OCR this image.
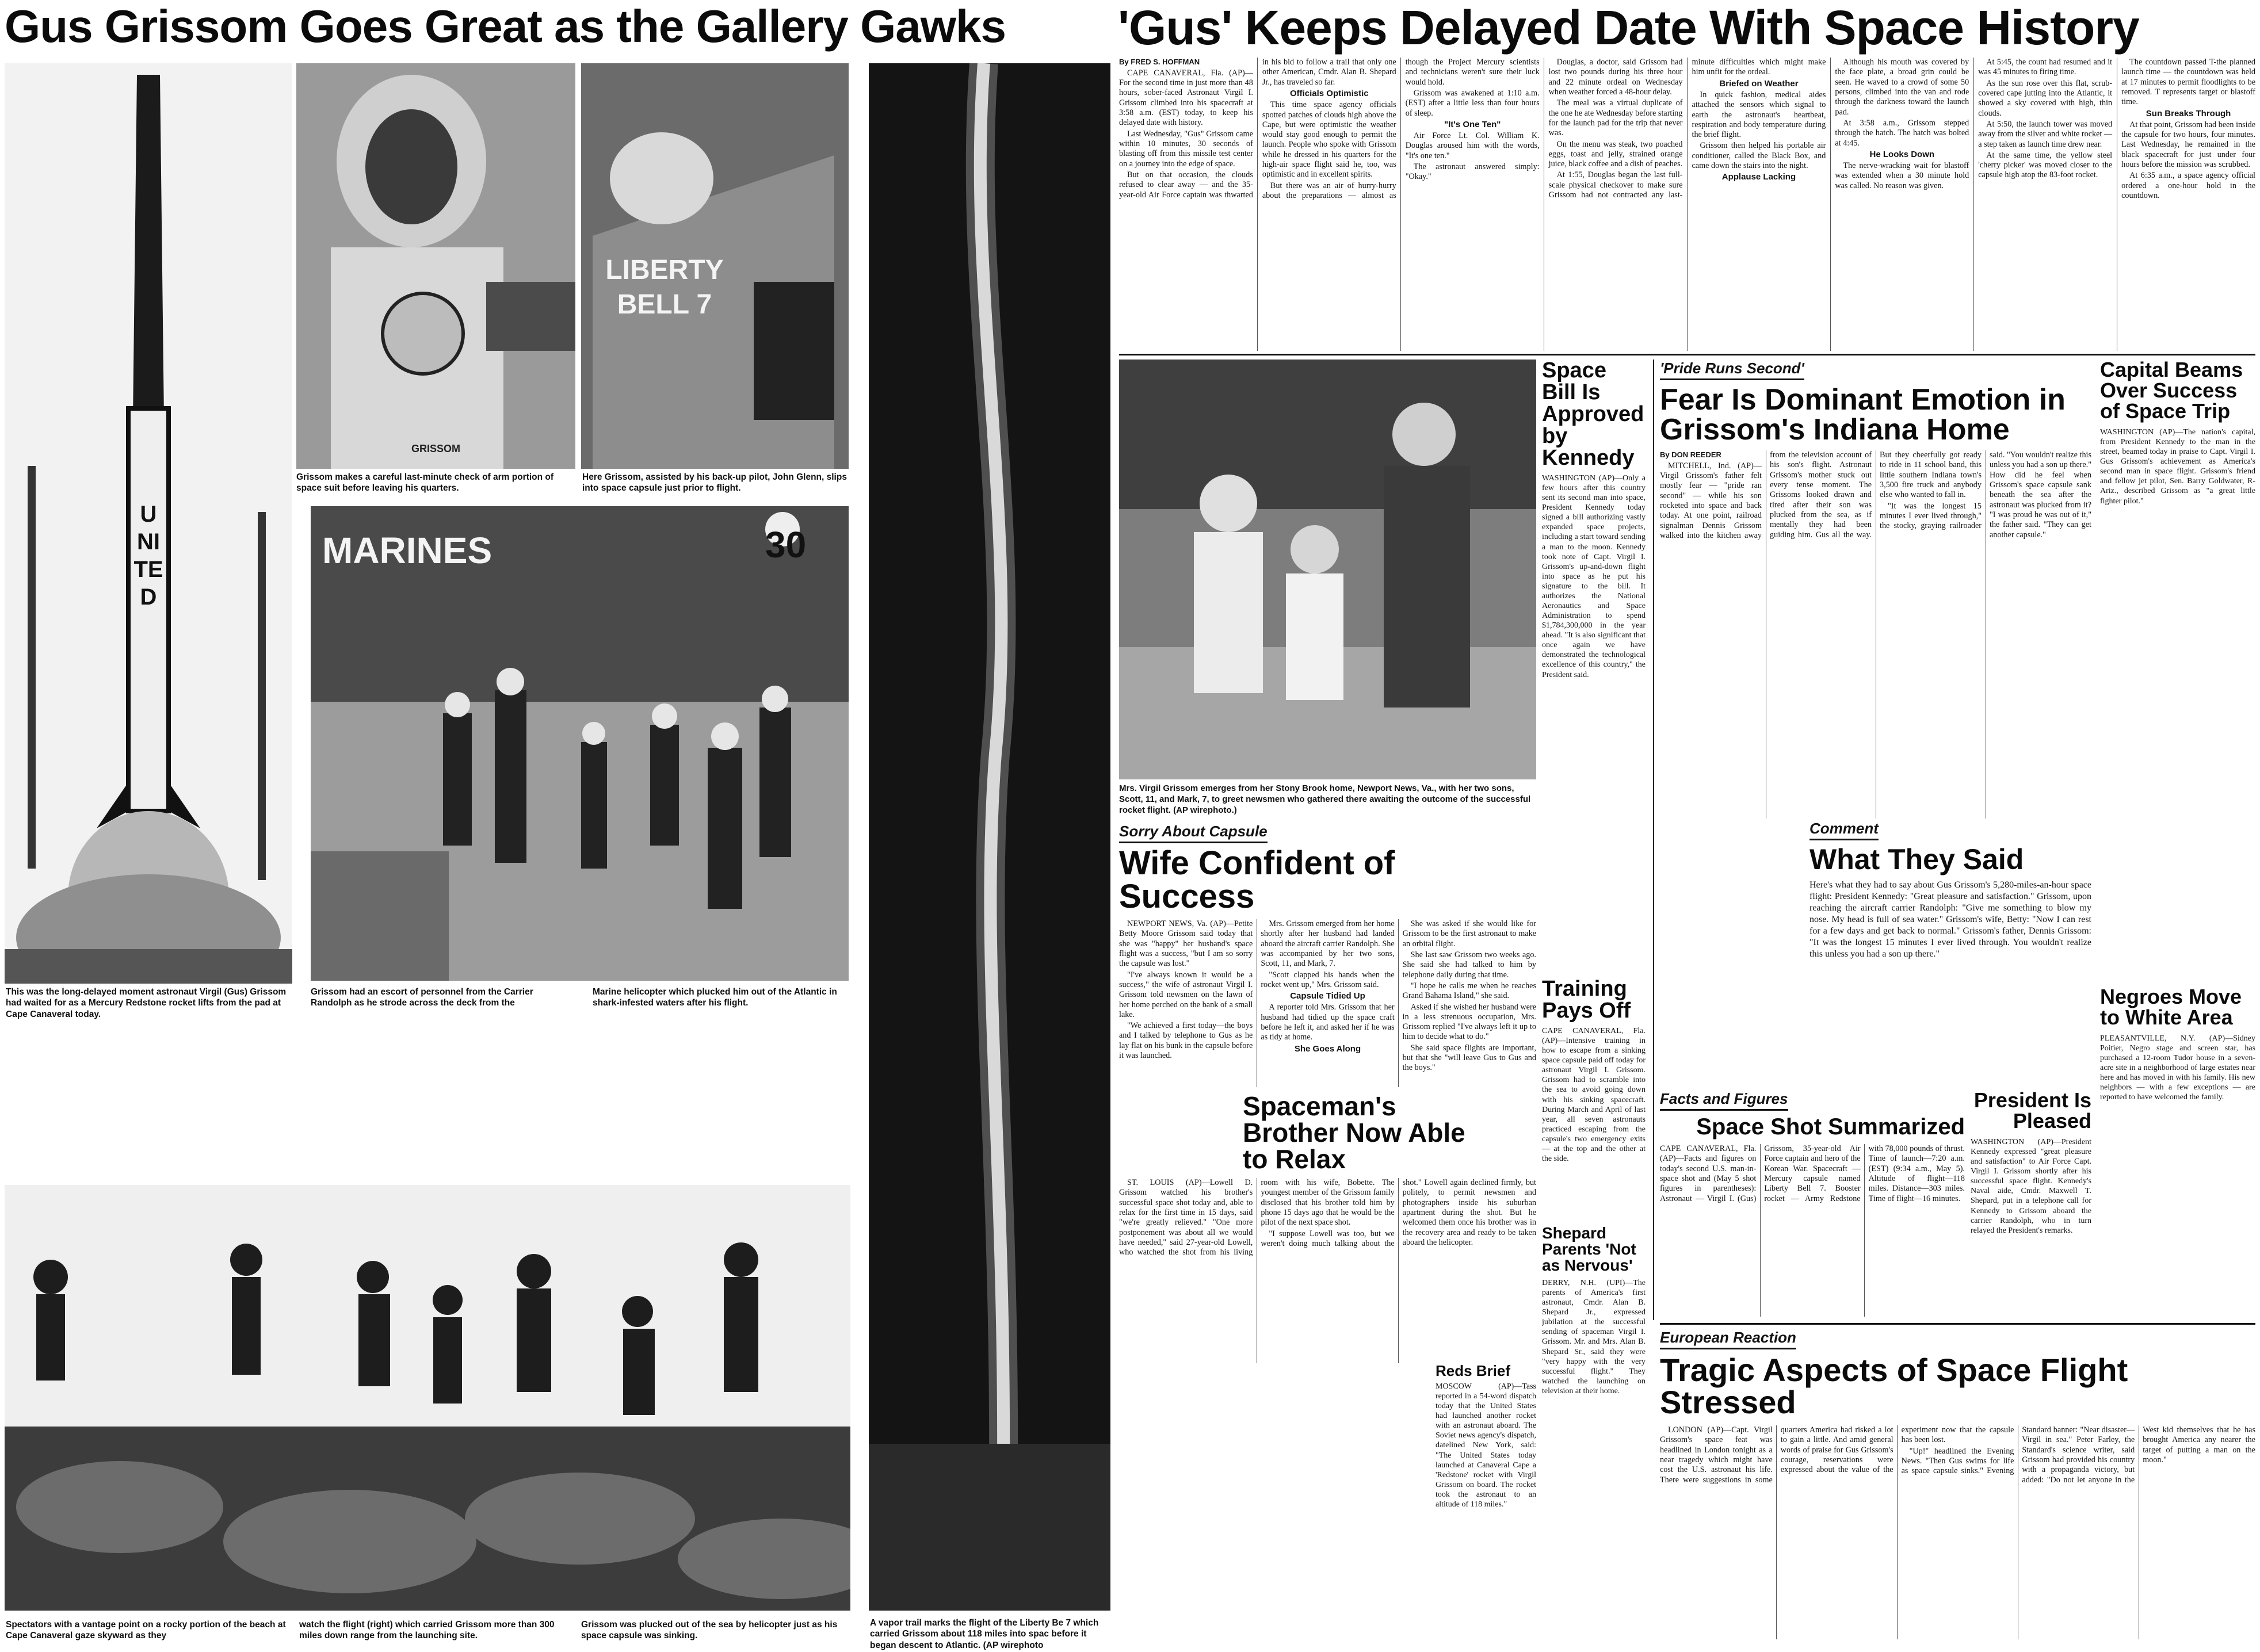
Gus Grissom Goes Great as the Gallery Gawks
UNITED
This was the long-delayed moment astronaut Virgil (Gus) Grissom had waited for as a Mercury Redstone rocket lifts from the pad at Cape Canaveral today.
GRISSOM
Grissom makes a careful last-minute check of arm portion of space suit before leaving his quarters.
LIBERTY BELL 7
Here Grissom, assisted by his back-up pilot, John Glenn, slips into space capsule just prior to flight.
MARINES	30
Grissom had an escort of personnel from the Carrier Randolph as he strode across the deck from the
Marine helicopter which plucked him out of the Atlantic in shark-infested waters after his flight.
Spectators with a vantage point on a rocky portion of the beach at Cape Canaveral gaze skyward as they
watch the flight (right) which carried Grissom more than 300 miles down range from the launching site.
Grissom was plucked out of the sea by helicopter just as his space capsule was sinking.
A vapor trail marks the flight of the Liberty Be 7 which carried Grissom about 118 miles into spac before it began descent to Atlantic. (AP wirephoto
'Gus' Keeps Delayed Date With Space History
By FRED S. HOFFMAN

CAPE CANAVERAL, Fla. (AP)—For the second time in just more than 48 hours, sober-faced Astronaut Virgil I. Grissom climbed into his spacecraft at 3:58 a.m. (EST) today, to keep his delayed date with history.

Last Wednesday, "Gus" Grissom came within 10 minutes, 30 seconds of blasting off from this missile test center on a journey into the edge of space.

But on that occasion, the clouds refused to clear away — and the 35-year-old Air Force captain was thwarted in his bid to follow a trail that only one other American, Cmdr. Alan B. Shepard Jr., has traveled so far.

Officials Optimistic

This time space agency officials spotted patches of clouds high above the Cape, but were optimistic the weather would stay good enough to permit the launch. People who spoke with Grissom while he dressed in his quarters for the high-air space flight said he, too, was optimistic and in excellent spirits.

But there was an air of hurry-hurry about the preparations — almost as though the Project Mercury scientists and technicians weren't sure their luck would hold.

Grissom was awakened at 1:10 a.m. (EST) after a little less than four hours of sleep.

"It's One Ten"

Air Force Lt. Col. William K. Douglas aroused him with the words, "It's one ten."

The astronaut answered simply: "Okay."

Douglas, a doctor, said Grissom had lost two pounds during his three hour and 22 minute ordeal on Wednesday when weather forced a 48-hour delay.

The meal was a virtual duplicate of the one he ate Wednesday before starting for the launch pad for the trip that never was.

On the menu was steak, two poached eggs, toast and jelly, strained orange juice, black coffee and a dish of peaches.

At 1:55, Douglas began the last full-scale physical checkover to make sure Grissom had not contracted any last-minute difficulties which might make him unfit for the ordeal.

Briefed on Weather

In quick fashion, medical aides attached the sensors which signal to earth the astronaut's heartbeat, respiration and body temperature during the brief flight.

Grissom then helped his portable air conditioner, called the Black Box, and came down the stairs into the night.

Applause Lacking

Although his mouth was covered by the face plate, a broad grin could be seen. He waved to a crowd of some 50 persons, climbed into the van and rode through the darkness toward the launch pad.

At 3:58 a.m., Grissom stepped through the hatch. The hatch was bolted at 4:45.

He Looks Down

The nerve-wracking wait for blastoff was extended when a 30 minute hold was called. No reason was given.

At 5:45, the count had resumed and it was 45 minutes to firing time.

As the sun rose over this flat, scrub-covered cape jutting into the Atlantic, it showed a sky covered with high, thin clouds.

At 5:50, the launch tower was moved away from the silver and white rocket — a step taken as launch time drew near.

At the same time, the yellow steel 'cherry picker' was moved closer to the capsule high atop the 83-foot rocket.

The countdown passed T-the planned launch time — the countdown was held at 17 minutes to permit floodlights to be removed. T represents target or blastoff time.

Sun Breaks Through

At that point, Grissom had been inside the capsule for two hours, four minutes. Last Wednesday, he remained in the black spacecraft for just under four hours before the mission was scrubbed.

At 6:35 a.m., a space agency official ordered a one-hour hold in the countdown.

Mrs. Virgil Grissom emerges from her Stony Brook home, Newport News, Va., with her two sons, Scott, 11, and Mark, 7, to greet newsmen who gathered there awaiting the outcome of the successful rocket flight. (AP wirephoto.)
Space Bill Is Approved by Kennedy
WASHINGTON (AP)—Only a few hours after this country sent its second man into space, President Kennedy today signed a bill authorizing vastly expanded space projects, including a start toward sending a man to the moon. Kennedy took note of Capt. Virgil I. Grissom's up-and-down flight into space as he put his signature to the bill. It authorizes the National Aeronautics and Space Administration to spend $1,784,300,000 in the year ahead. "It is also significant that once again we have demonstrated the technological excellence of this country," the President said.
Training Pays Off
CAPE CANAVERAL, Fla. (AP)—Intensive training in how to escape from a sinking space capsule paid off today for astronaut Virgil I. Grissom. Grissom had to scramble into the sea to avoid going down with his sinking spacecraft. During March and April of last year, all seven astronauts practiced escaping from the capsule's two emergency exits — at the top and the other at the side.
Sorry About Capsule
Wife Confident of Success

NEWPORT NEWS, Va. (AP)—Petite Betty Moore Grissom said today that she was "happy" her husband's space flight was a success, "but I am so sorry the capsule was lost."

"I've always known it would be a success," the wife of astronaut Virgil I. Grissom told newsmen on the lawn of her home perched on the bank of a small lake.

"We achieved a first today—the boys and I talked by telephone to Gus as he lay flat on his bunk in the capsule before it was launched.

Mrs. Grissom emerged from her home shortly after her husband had landed aboard the aircraft carrier Randolph. She was accompanied by her two sons, Scott, 11, and Mark, 7.

"Scott clapped his hands when the rocket went up," Mrs. Grissom said.

Capsule Tidied Up

A reporter told Mrs. Grissom that her husband had tidied up the space craft before he left it, and asked her if he was as tidy at home.

She Goes Along

She was asked if she would like for Grissom to be the first astronaut to make an orbital flight.

She last saw Grissom two weeks ago. She said she had talked to him by telephone daily during that time.

"I hope he calls me when he reaches Grand Bahama Island," she said.

Asked if she wished her husband were in a less strenuous occupation, Mrs. Grissom replied "I've always left it up to him to decide what to do."

She said space flights are important, but that she "will leave Gus to Gus and the boys."

Shepard Parents 'Not as Nervous'
DERRY, N.H. (UPI)—The parents of America's first astronaut, Cmdr. Alan B. Shepard Jr., expressed jubilation at the successful sending of spaceman Virgil I. Grissom. Mr. and Mrs. Alan B. Shepard Sr., said they were "very happy with the very successful flight." They watched the launching on television at their home.
Spaceman's Brother Now Able to Relax

ST. LOUIS (AP)—Lowell D. Grissom watched his brother's successful space shot today and, able to relax for the first time in 15 days, said "we're greatly relieved." "One more postponement was about all we would have needed," said 27-year-old Lowell, who watched the shot from his living room with his wife, Bobette. The youngest member of the Grissom family disclosed that his brother told him by phone 15 days ago that he would be the pilot of the next space shot.

"I suppose Lowell was too, but we weren't doing much talking about the shot." Lowell again declined firmly, but politely, to permit newsmen and photographers inside his suburban apartment during the shot. But he welcomed them once his brother was in the recovery area and ready to be taken aboard the helicopter.

Reds Brief
MOSCOW (AP)—Tass reported in a 54-word dispatch today that the United States had launched another rocket with an astronaut aboard. The Soviet news agency's dispatch, datelined New York, said: "The United States today launched at Canaveral Cape a 'Redstone' rocket with Virgil Grissom on board. The rocket took the astronaut to an altitude of 118 miles."
'Pride Runs Second'
Fear Is Dominant Emotion in Grissom's Indiana Home
By DON REEDER

MITCHELL, Ind. (AP)—Virgil Grissom's father felt mostly fear — "pride ran second" — while his son rocketed into space and back today. At one point, railroad signalman Dennis Grissom walked into the kitchen away from the television account of his son's flight. Astronaut Grissom's mother stuck out every tense moment. The Grissoms looked drawn and tired after their son was plucked from the sea, as if mentally they had been guiding him. Gus all the way. But they cheerfully got ready to ride in 11 school band, this little southern Indiana town's 3,500 fire truck and anybody else who wanted to fall in.

"It was the longest 15 minutes I ever lived through," the stocky, graying railroader said. "You wouldn't realize this unless you had a son up there." How did he feel when Grissom's space capsule sank beneath the sea after the astronaut was plucked from it? "I was proud he was out of it," the father said. "They can get another capsule."

Capital Beams Over Success of Space Trip
WASHINGTON (AP)—The nation's capital, from President Kennedy to the man in the street, beamed today in praise to Capt. Virgil I. Gus Grissom's achievement as America's second man in space flight. Grissom's friend and fellow jet pilot, Sen. Barry Goldwater, R-Ariz., described Grissom as "a great little fighter pilot."
Comment
What They Said
Here's what they had to say about Gus Grissom's 5,280-miles-an-hour space flight: President Kennedy: "Great pleasure and satisfaction." Grissom, upon reaching the aircraft carrier Randolph: "Give me something to blow my nose. My head is full of sea water." Grissom's wife, Betty: "Now I can rest for a few days and get back to normal." Grissom's father, Dennis Grissom: "It was the longest 15 minutes I ever lived through. You wouldn't realize this unless you had a son up there."
Negroes Move to White Area
PLEASANTVILLE, N.Y. (AP)—Sidney Poitier, Negro stage and screen star, has purchased a 12-room Tudor house in a seven-acre site in a neighborhood of large estates near here and has moved in with his family. His new neighbors — with a few exceptions — are reported to have welcomed the family.
Facts and Figures
Space Shot Summarized
CAPE CANAVERAL, Fla. (AP)—Facts and figures on today's second U.S. man-in-space shot and (May 5 shot figures in parentheses): Astronaut — Virgil I. (Gus) Grissom, 35-year-old Air Force captain and hero of the Korean War. Spacecraft — Mercury capsule named Liberty Bell 7. Booster rocket — Army Redstone with 78,000 pounds of thrust. Time of launch—7:20 a.m. (EST) (9:34 a.m., May 5). Altitude of flight—118 miles. Distance—303 miles. Time of flight—16 minutes.
President Is Pleased
WASHINGTON (AP)—President Kennedy expressed "great pleasure and satisfaction" to Air Force Capt. Virgil I. Grissom shortly after his successful space flight. Kennedy's Naval aide, Cmdr. Maxwell T. Shepard, put in a telephone call for Kennedy to Grissom aboard the carrier Randolph, who in turn relayed the President's remarks.
European Reaction
Tragic Aspects of Space Flight Stressed

LONDON (AP)—Capt. Virgil Grissom's space feat was headlined in London tonight as a near tragedy which might have cost the U.S. astronaut his life. There were suggestions in some quarters America had risked a lot to gain a little. And amid general words of praise for Gus Grissom's courage, reservations were expressed about the value of the experiment now that the capsule has been lost.

"Up!" headlined the Evening News. "Then Gus swims for life as space capsule sinks." Evening Standard banner: "Near disaster—Virgil in sea." Peter Farley, the Standard's science writer, said Grissom had provided his country with a propaganda victory, but added: "Do not let anyone in the West kid themselves that he has brought America any nearer the target of putting a man on the moon."
